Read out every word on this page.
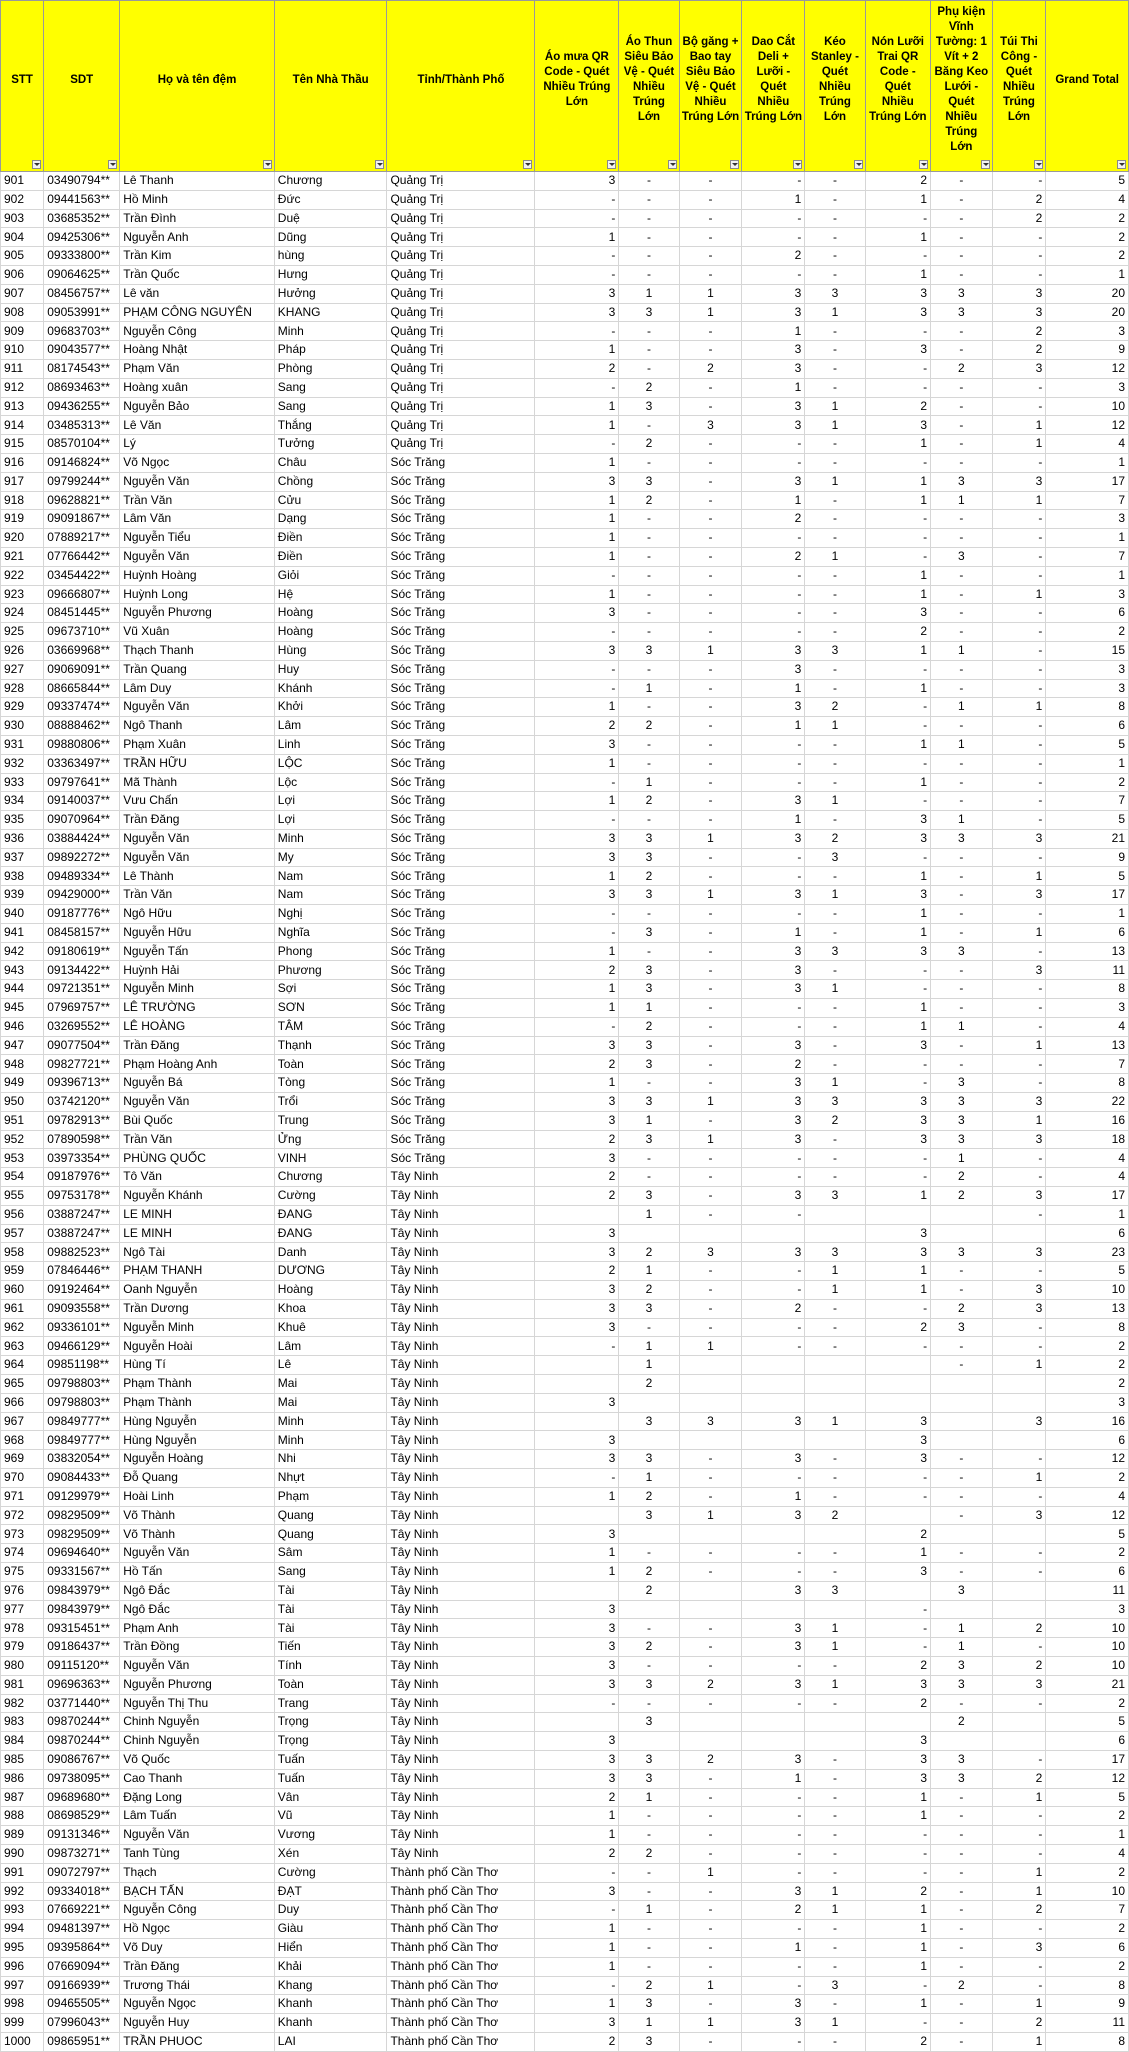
STT	SDT	Họ và tên đệm	Tên Nhà Thầu	Tỉnh/Thành Phố	Áo mưa QR Code - Quét Nhiều Trúng Lớn	Áo Thun Siêu Bảo Vệ - Quét Nhiều Trúng Lớn	Bộ găng + Bao tay Siêu Bảo Vệ - Quét Nhiều Trúng Lớn	Dao Cắt Deli + Lưỡi - Quét Nhiều Trúng Lớn	Kéo Stanley - Quét Nhiều Trúng Lớn	Nón Lưỡi Trai QR Code - Quét Nhiều Trúng Lớn	Phụ kiện Vĩnh Tường: 1 Vít + 2 Băng Keo Lưới - Quét Nhiều Trúng Lớn	Túi Thi Công - Quét Nhiều Trúng Lớn	Grand Total

901	03490794**	Lê Thanh	Chương	Quảng Trị	3	-	-	-	-	2	-	-	5
902	09441563**	Hồ Minh	Đức	Quảng Trị	-	-	-	1	-	1	-	2	4
903	03685352**	Trần Đình	Duệ	Quảng Trị	-	-	-	-	-	-	-	2	2
904	09425306**	Nguyễn Anh	Dũng	Quảng Trị	1	-	-	-	-	1	-	-	2
905	09333800**	Trần Kim	hùng	Quảng Trị	-	-	-	2	-	-	-	-	2
906	09064625**	Trần Quốc	Hưng	Quảng Trị	-	-	-	-	-	1	-	-	1
907	08456757**	Lê văn	Hưởng	Quảng Trị	3	1	1	3	3	3	3	3	20
908	09053991**	PHẠM CÔNG NGUYÊN	KHANG	Quảng Trị	3	3	1	3	1	3	3	3	20
909	09683703**	Nguyễn Công	Minh	Quảng Trị	-	-	-	1	-	-	-	2	3
910	09043577**	Hoàng Nhật	Pháp	Quảng Trị	1	-	-	3	-	3	-	2	9
911	08174543**	Phạm Văn	Phòng	Quảng Trị	2	-	2	3	-	-	2	3	12
912	08693463**	Hoàng xuân	Sang	Quảng Trị	-	2	-	1	-	-	-	-	3
913	09436255**	Nguyễn Bảo	Sang	Quảng Trị	1	3	-	3	1	2	-	-	10
914	03485313**	Lê Văn	Thắng	Quảng Trị	1	-	3	3	1	3	-	1	12
915	08570104**	Lý	Tưởng	Quảng Trị	-	2	-	-	-	1	-	1	4
916	09146824**	Võ Ngọc	Châu	Sóc Trăng	1	-	-	-	-	-	-	-	1
917	09799244**	Nguyễn Văn	Chồng	Sóc Trăng	3	3	-	3	1	1	3	3	17
918	09628821**	Trần Văn	Cửu	Sóc Trăng	1	2	-	1	-	1	1	1	7
919	09091867**	Lâm Văn	Dạng	Sóc Trăng	1	-	-	2	-	-	-	-	3
920	07889217**	Nguyễn Tiểu	Điền	Sóc Trăng	1	-	-	-	-	-	-	-	1
921	07766442**	Nguyễn Văn	Điền	Sóc Trăng	1	-	-	2	1	-	3	-	7
922	03454422**	Huỳnh Hoàng	Giỏi	Sóc Trăng	-	-	-	-	-	1	-	-	1
923	09666807**	Huỳnh Long	Hệ	Sóc Trăng	1	-	-	-	-	1	-	1	3
924	08451445**	Nguyễn Phương	Hoàng	Sóc Trăng	3	-	-	-	-	3	-	-	6
925	09673710**	Vũ Xuân	Hoàng	Sóc Trăng	-	-	-	-	-	2	-	-	2
926	03669968**	Thạch Thanh	Hùng	Sóc Trăng	3	3	1	3	3	1	1	-	15
927	09069091**	Trần Quang	Huy	Sóc Trăng	-	-	-	3	-	-	-	-	3
928	08665844**	Lâm Duy	Khánh	Sóc Trăng	-	1	-	1	-	1	-	-	3
929	09337474**	Nguyễn Văn	Khởi	Sóc Trăng	1	-	-	3	2	-	1	1	8
930	08888462**	Ngô Thanh	Lâm	Sóc Trăng	2	2	-	1	1	-	-	-	6
931	09880806**	Phạm Xuân	Linh	Sóc Trăng	3	-	-	-	-	1	1	-	5
932	03363497**	TRẦN HỮU	LỘC	Sóc Trăng	1	-	-	-	-	-	-	-	1
933	09797641**	Mã Thành	Lộc	Sóc Trăng	-	1	-	-	-	1	-	-	2
934	09140037**	Vưu Chấn	Lợi	Sóc Trăng	1	2	-	3	1	-	-	-	7
935	09070964**	Trần Đăng	Lợi	Sóc Trăng	-	-	-	1	-	3	1	-	5
936	03884424**	Nguyễn Văn	Minh	Sóc Trăng	3	3	1	3	2	3	3	3	21
937	09892272**	Nguyễn Văn	My	Sóc Trăng	3	3	-	-	3	-	-	-	9
938	09489334**	Lê Thành	Nam	Sóc Trăng	1	2	-	-	-	1	-	1	5
939	09429000**	Trần Văn	Nam	Sóc Trăng	3	3	1	3	1	3	-	3	17
940	09187776**	Ngô Hữu	Nghị	Sóc Trăng	-	-	-	-	-	1	-	-	1
941	08458157**	Nguyễn Hữu	Nghĩa	Sóc Trăng	-	3	-	1	-	1	-	1	6
942	09180619**	Nguyễn Tấn	Phong	Sóc Trăng	1	-	-	3	3	3	3	-	13
943	09134422**	Huỳnh Hải	Phương	Sóc Trăng	2	3	-	3	-	-	-	3	11
944	09721351**	Nguyễn Minh	Sợi	Sóc Trăng	1	3	-	3	1	-	-	-	8
945	07969757**	LÊ TRƯỜNG	SƠN	Sóc Trăng	1	1	-	-	-	1	-	-	3
946	03269552**	LÊ HOÀNG	TÂM	Sóc Trăng	-	2	-	-	-	1	1	-	4
947	09077504**	Trần Đăng	Thạnh	Sóc Trăng	3	3	-	3	-	3	-	1	13
948	09827721**	Phạm Hoàng Anh	Toàn	Sóc Trăng	2	3	-	2	-	-	-	-	7
949	09396713**	Nguyễn Bá	Tòng	Sóc Trăng	1	-	-	3	1	-	3	-	8
950	03742120**	Nguyễn Văn	Trổi	Sóc Trăng	3	3	1	3	3	3	3	3	22
951	09782913**	Bùi Quốc	Trung	Sóc Trăng	3	1	-	3	2	3	3	1	16
952	07890598**	Trần Văn	Ửng	Sóc Trăng	2	3	1	3	-	3	3	3	18
953	03973354**	PHÙNG QUỐC	VINH	Sóc Trăng	3	-	-	-	-	-	1	-	4
954	09187976**	Tô Văn	Chương	Tây Ninh	2	-	-	-	-	-	2	-	4
955	09753178**	Nguyễn Khánh	Cường	Tây Ninh	2	3	-	3	3	1	2	3	17
956	03887247**	LE MINH	ĐANG	Tây Ninh		1	-	-				-	1
957	03887247**	LE MINH	ĐANG	Tây Ninh	3					3			6
958	09882523**	Ngô Tài	Danh	Tây Ninh	3	2	3	3	3	3	3	3	23
959	07846446**	PHẠM THANH	DƯƠNG	Tây Ninh	2	1	-	-	1	1	-	-	5
960	09192464**	Oanh Nguyễn	Hoàng	Tây Ninh	3	2	-	-	1	1	-	3	10
961	09093558**	Trần Dương	Khoa	Tây Ninh	3	3	-	2	-	-	2	3	13
962	09336101**	Nguyễn Minh	Khuê	Tây Ninh	3	-	-	-	-	2	3	-	8
963	09466129**	Nguyễn Hoài	Lâm	Tây Ninh	-	1	1	-	-	-	-	-	2
964	09851198**	Hùng Tí	Lê	Tây Ninh		1					-	1	2
965	09798803**	Phạm Thành	Mai	Tây Ninh		2							2
966	09798803**	Phạm Thành	Mai	Tây Ninh	3								3
967	09849777**	Hùng Nguyễn	Minh	Tây Ninh		3	3	3	1	3		3	16
968	09849777**	Hùng Nguyễn	Minh	Tây Ninh	3					3			6
969	03832054**	Nguyễn Hoàng	Nhi	Tây Ninh	3	3	-	3	-	3	-	-	12
970	09084433**	Đỗ Quang	Nhựt	Tây Ninh	-	1	-	-	-	-	-	1	2
971	09129979**	Hoài Linh	Phạm	Tây Ninh	1	2	-	1	-	-	-	-	4
972	09829509**	Võ Thành	Quang	Tây Ninh		3	1	3	2		-	3	12
973	09829509**	Võ Thành	Quang	Tây Ninh	3					2			5
974	09694640**	Nguyễn Văn	Sâm	Tây Ninh	1	-	-	-	-	1	-	-	2
975	09331567**	Hồ Tấn	Sang	Tây Ninh	1	2	-	-	-	3	-	-	6
976	09843979**	Ngô Đắc	Tài	Tây Ninh		2		3	3		3		11
977	09843979**	Ngô Đắc	Tài	Tây Ninh	3					-			3
978	09315451**	Phạm Anh	Tài	Tây Ninh	3	-	-	3	1	-	1	2	10
979	09186437**	Trần Đồng	Tiến	Tây Ninh	3	2	-	3	1	-	1	-	10
980	09115120**	Nguyễn Văn	Tính	Tây Ninh	3	-	-	-	-	2	3	2	10
981	09696363**	Nguyễn Phương	Toàn	Tây Ninh	3	3	2	3	1	3	3	3	21
982	03771440**	Nguyễn Thị Thu	Trang	Tây Ninh	-	-	-	-	-	2	-	-	2
983	09870244**	Chinh Nguyễn	Trọng	Tây Ninh		3					2		5
984	09870244**	Chinh Nguyễn	Trọng	Tây Ninh	3					3			6
985	09086767**	Võ Quốc	Tuấn	Tây Ninh	3	3	2	3	-	3	3	-	17
986	09738095**	Cao Thanh	Tuấn	Tây Ninh	3	3	-	1	-	3	3	2	12
987	09689680**	Đặng Long	Vân	Tây Ninh	2	1	-	-	-	1	-	1	5
988	08698529**	Lâm Tuấn	Vũ	Tây Ninh	1	-	-	-	-	1	-	-	2
989	09131346**	Nguyễn Văn	Vương	Tây Ninh	1	-	-	-	-	-	-	-	1
990	09873271**	Tanh Tùng	Xén	Tây Ninh	2	2	-	-	-	-	-	-	4
991	09072797**	Thạch	Cường	Thành phố Cần Thơ	-	-	1	-	-	-	-	1	2
992	09334018**	BẠCH TẤN	ĐẠT	Thành phố Cần Thơ	3	-	-	3	1	2	-	1	10
993	07669221**	Nguyễn Công	Duy	Thành phố Cần Thơ	-	1	-	2	1	1	-	2	7
994	09481397**	Hồ Ngọc	Giàu	Thành phố Cần Thơ	1	-	-	-	-	1	-	-	2
995	09395864**	Võ Duy	Hiển	Thành phố Cần Thơ	1	-	-	1	-	1	-	3	6
996	07669094**	Trần Đăng	Khải	Thành phố Cần Thơ	1	-	-	-	-	1	-	-	2
997	09166939**	Trương Thái	Khang	Thành phố Cần Thơ	-	2	1	-	3	-	2	-	8
998	09465505**	Nguyễn Ngọc	Khanh	Thành phố Cần Thơ	1	3	-	3	-	1	-	1	9
999	07996043**	Nguyễn Huy	Khanh	Thành phố Cần Thơ	3	1	1	3	1	-	-	2	11
1000	09865951**	TRẦN PHUOC	LAI	Thành phố Cần Thơ	2	3	-	-	-	2	-	1	8
